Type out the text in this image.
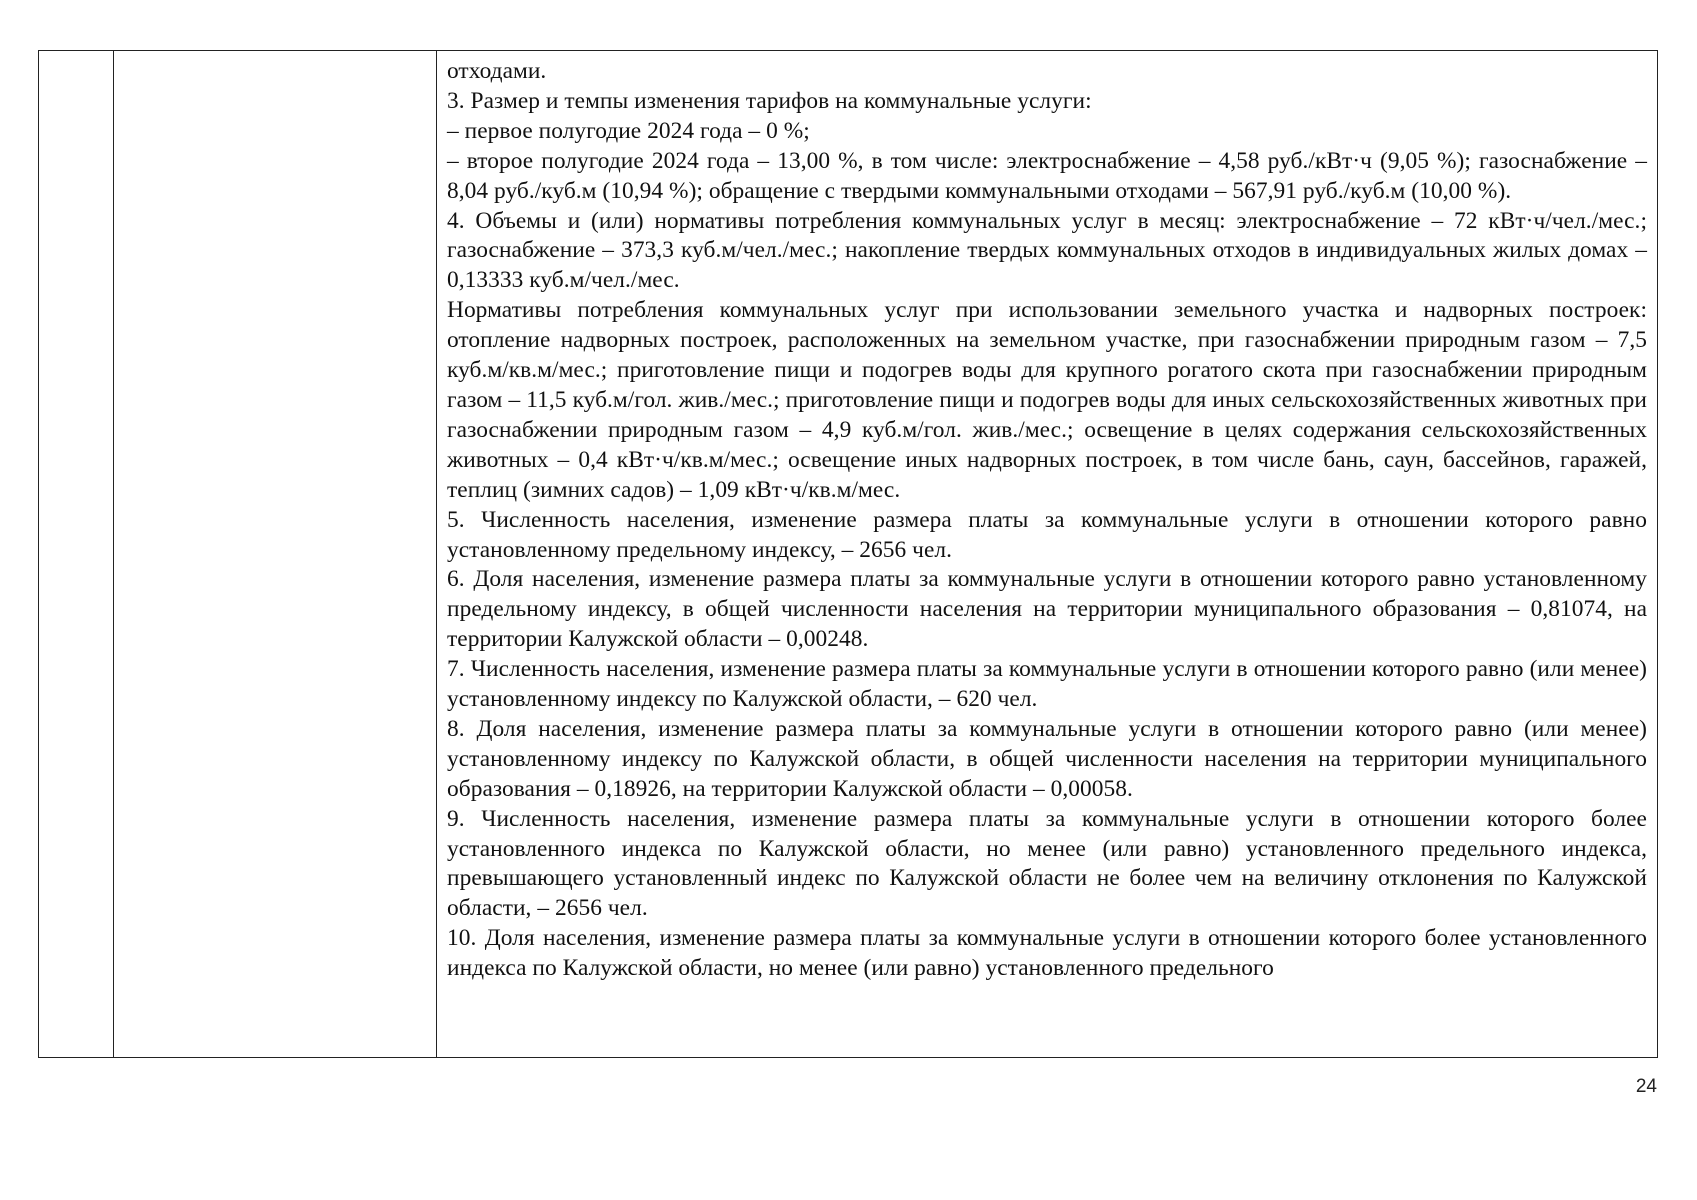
отходами.

3. Размер и темпы изменения тарифов на коммунальные услуги:

– первое полугодие 2024 года – 0 %;

– второе полугодие 2024 года – 13,00 %, в том числе: электроснабжение – 4,58 руб./кВт·ч (9,05 %); газоснабжение – 8,04 руб./куб.м (10,94 %); обращение с твердыми коммунальными отходами – 567,91 руб./куб.м (10,00 %).

4. Объемы и (или) нормативы потребления коммунальных услуг в месяц: электроснабжение – 72 кВт·ч/чел./мес.; газоснабжение – 373,3 куб.м/чел./мес.; накопление твердых коммунальных отходов в индивидуальных жилых домах – 0,13333 куб.м/чел./мес.

Нормативы потребления коммунальных услуг при использовании земельного участка и надворных построек: отопление надворных построек, расположенных на земельном участке, при газоснабжении природным газом – 7,5 куб.м/кв.м/мес.; приготовление пищи и подогрев воды для крупного рогатого скота при газоснабжении природным газом – 11,5 куб.м/гол. жив./мес.; приготовление пищи и подогрев воды для иных сельскохозяйственных животных при газоснабжении природным газом – 4,9 куб.м/гол. жив./мес.; освещение в целях содержания сельскохозяйственных животных – 0,4 кВт·ч/кв.м/мес.; освещение иных надворных построек, в том числе бань, саун, бассейнов, гаражей, теплиц (зимних садов) – 1,09 кВт·ч/кв.м/мес.

5. Численность населения, изменение размера платы за коммунальные услуги в отношении которого равно установленному предельному индексу, – 2656 чел.

6. Доля населения, изменение размера платы за коммунальные услуги в отношении которого равно установленному предельному индексу, в общей численности населения на территории муниципального образования – 0,81074, на территории Калужской области – 0,00248.

7. Численность населения, изменение размера платы за коммунальные услуги в отношении которого равно (или менее) установленному индексу по Калужской области, – 620 чел.

8. Доля населения, изменение размера платы за коммунальные услуги в отношении которого равно (или менее) установленному индексу по Калужской области, в общей численности населения на территории муниципального образования – 0,18926, на территории Калужской области – 0,00058.

9. Численность населения, изменение размера платы за коммунальные услуги в отношении которого более установленного индекса по Калужской области, но менее (или равно) установленного предельного индекса, превышающего установленный индекс по Калужской области не более чем на величину отклонения по Калужской области, – 2656 чел.

10. Доля населения, изменение размера платы за коммунальные услуги в отношении которого более установленного индекса по Калужской области, но менее (или равно) установленного предельного

24
